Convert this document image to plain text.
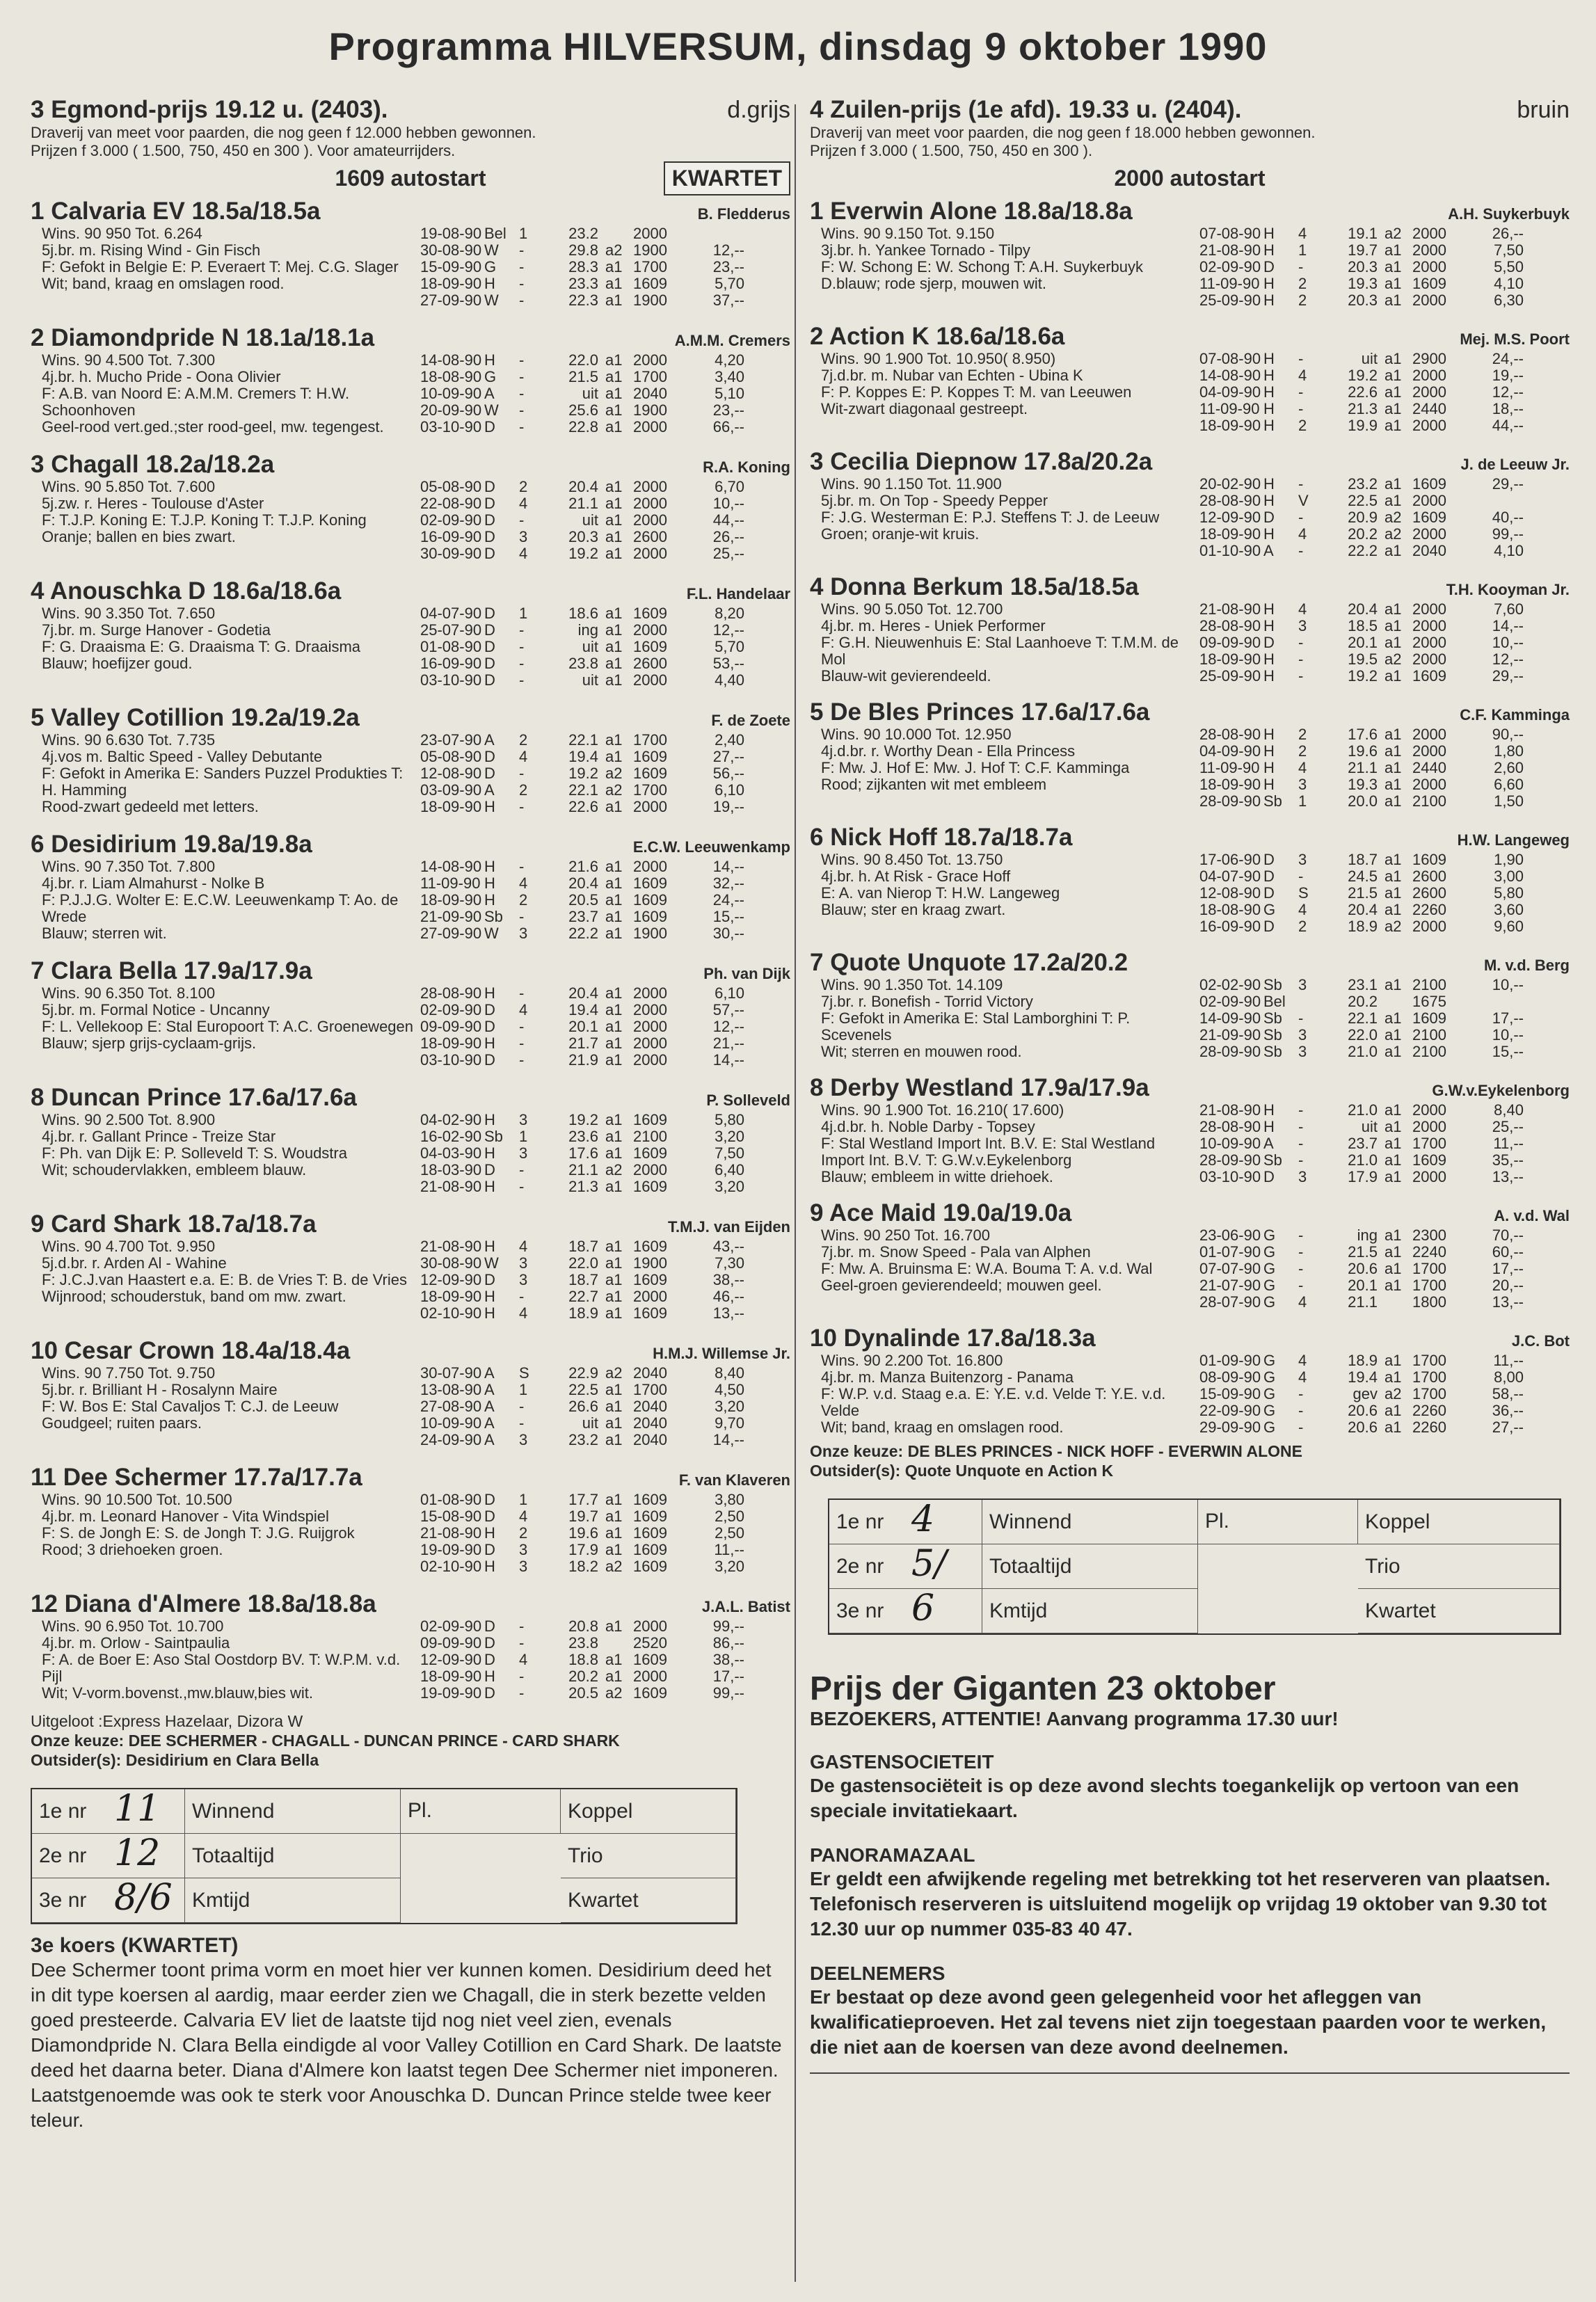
Programma HILVERSUM, dinsdag 9 oktober 1990
3 Egmond-prijs 19.12 u. (2403).	d.grijs
Draverij van meet voor paarden, die nog geen f 12.000 hebben gewonnen.
Prijzen f 3.000 ( 1.500, 750, 450 en 300 ). Voor amateurrijders.
1609 autostart	KWARTET
1 Calvaria EV 18.5a/18.5a	B. Fledderus
Wins. 90 950 Tot. 6.264
5j.br. m. Rising Wind - Gin Fisch
F: Gefokt in Belgie E: P. Everaert T: Mej. C.G. Slager
Wit; band, kraag en omslagen rood.
19-08-90 Bel 1	23.2	2000
30-08-90 W	-	29.8 a2 1900	12,--
15-09-90 G	-	28.3 a1 1700	23,--
18-09-90 H	-	23.3 a1 1609	5,70
27-09-90 W	-	22.3 a1 1900	37,--
2 Diamondpride N 18.1a/18.1a	A.M.M. Cremers
Wins. 90 4.500 Tot. 7.300
4j.br. h. Mucho Pride - Oona Olivier
F: A.B. van Noord E: A.M.M. Cremers T: H.W. Schoonhoven
Geel-rood vert.ged.;ster rood-geel, mw. tegengest.
14-08-90 H	-	22.0 a1 2000	4,20
18-08-90 G	-	21.5 a1 1700	3,40
10-09-90 A	-	uit a1 2040	5,10
20-09-90 W	-	25.6 a1 1900	23,--
03-10-90 D	-	22.8 a1 2000	66,--
3 Chagall 18.2a/18.2a	R.A. Koning
Wins. 90 5.850 Tot. 7.600
5j.zw. r. Heres - Toulouse d'Aster
F: T.J.P. Koning E: T.J.P. Koning T: T.J.P. Koning
Oranje; ballen en bies zwart.
05-08-90 D	2	20.4 a1 2000	6,70
22-08-90 D	4	21.1 a1 2000	10,--
02-09-90 D	-	uit a1 2000	44,--
16-09-90 D	3	20.3 a1 2600	26,--
30-09-90 D	4	19.2 a1 2000	25,--
4 Anouschka D 18.6a/18.6a	F.L. Handelaar
Wins. 90 3.350 Tot. 7.650
7j.br. m. Surge Hanover - Godetia
F: G. Draaisma E: G. Draaisma T: G. Draaisma
Blauw; hoefijzer goud.
04-07-90 D	1	18.6 a1 1609	8,20
25-07-90 D	-	ing a1 2000	12,--
01-08-90 D	-	uit a1 1609	5,70
16-09-90 D	-	23.8 a1 2600	53,--
03-10-90 D	-	uit a1 2000	4,40
5 Valley Cotillion 19.2a/19.2a	F. de Zoete
Wins. 90 6.630 Tot. 7.735
4j.vos m. Baltic Speed - Valley Debutante
F: Gefokt in Amerika E: Sanders Puzzel Produkties T: H. Hamming
Rood-zwart gedeeld met letters.
23-07-90 A	2	22.1 a1 1700	2,40
05-08-90 D	4	19.4 a1 1609	27,--
12-08-90 D	-	19.2 a2 1609	56,--
03-09-90 A	2	22.1 a2 1700	6,10
18-09-90 H	-	22.6 a1 2000	19,--
6 Desidirium 19.8a/19.8a	E.C.W. Leeuwenkamp
Wins. 90 7.350 Tot. 7.800
4j.br. r. Liam Almahurst - Nolke B
F: P.J.J.G. Wolter E: E.C.W. Leeuwenkamp T: Ao. de Wrede
Blauw; sterren wit.
14-08-90 H	-	21.6 a1 2000	14,--
11-09-90 H	4	20.4 a1 1609	32,--
18-09-90 H	2	20.5 a1 1609	24,--
21-09-90 Sb	-	23.7 a1 1609	15,--
27-09-90 W	3	22.2 a1 1900	30,--
7 Clara Bella 17.9a/17.9a	Ph. van Dijk
Wins. 90 6.350 Tot. 8.100
5j.br. m. Formal Notice - Uncanny
F: L. Vellekoop E: Stal Europoort T: A.C. Groenewegen
Blauw; sjerp grijs-cyclaam-grijs.
28-08-90 H	-	20.4 a1 2000	6,10
02-09-90 D	4	19.4 a1 2000	57,--
09-09-90 D	-	20.1 a1 2000	12,--
18-09-90 H	-	21.7 a1 2000	21,--
03-10-90 D	-	21.9 a1 2000	14,--
8 Duncan Prince 17.6a/17.6a	P. Solleveld
Wins. 90 2.500 Tot. 8.900
4j.br. r. Gallant Prince - Treize Star
F: Ph. van Dijk E: P. Solleveld T: S. Woudstra
Wit; schoudervlakken, embleem blauw.
04-02-90 H	3	19.2 a1 1609	5,80
16-02-90 Sb	1	23.6 a1 2100	3,20
04-03-90 H	3	17.6 a1 1609	7,50
18-03-90 D	-	21.1 a2 2000	6,40
21-08-90 H	-	21.3 a1 1609	3,20
9 Card Shark 18.7a/18.7a	T.M.J. van Eijden
Wins. 90 4.700 Tot. 9.950
5j.d.br. r. Arden Al - Wahine
F: J.C.J.van Haastert e.a. E: B. de Vries T: B. de Vries
Wijnrood; schouderstuk, band om mw. zwart.
21-08-90 H	4	18.7 a1 1609	43,--
30-08-90 W	3	22.0 a1 1900	7,30
12-09-90 D	3	18.7 a1 1609	38,--
18-09-90 H	-	22.7 a1 2000	46,--
02-10-90 H	4	18.9 a1 1609	13,--
10 Cesar Crown 18.4a/18.4a	H.M.J. Willemse Jr.
Wins. 90 7.750 Tot. 9.750
5j.br. r. Brilliant H - Rosalynn Maire
F: W. Bos E: Stal Cavaljos T: C.J. de Leeuw
Goudgeel; ruiten paars.
30-07-90 A	S	22.9 a2 2040	8,40
13-08-90 A	1	22.5 a1 1700	4,50
27-08-90 A	-	26.6 a1 2040	3,20
10-09-90 A	-	uit a1 2040	9,70
24-09-90 A	3	23.2 a1 2040	14,--
11 Dee Schermer 17.7a/17.7a	F. van Klaveren
Wins. 90 10.500 Tot. 10.500
4j.br. m. Leonard Hanover - Vita Windspiel
F: S. de Jongh E: S. de Jongh T: J.G. Ruijgrok
Rood; 3 driehoeken groen.
01-08-90 D	1	17.7 a1 1609	3,80
15-08-90 D	4	19.7 a1 1609	2,50
21-08-90 H	2	19.6 a1 1609	2,50
19-09-90 D	3	17.9 a1 1609	11,--
02-10-90 H	3	18.2 a2 1609	3,20
12 Diana d'Almere 18.8a/18.8a	J.A.L. Batist
Wins. 90 6.950 Tot. 10.700
4j.br. m. Orlow - Saintpaulia
F: A. de Boer E: Aso Stal Oostdorp BV. T: W.P.M. v.d. Pijl
Wit; V-vorm.bovenst.,mw.blauw,bies wit.
02-09-90 D	-	20.8 a1 2000	99,--
09-09-90 D	-	23.8	2520	86,--
12-09-90 D	4	18.8 a1 1609	38,--
18-09-90 H	-	20.2 a1 2000	17,--
19-09-90 D	-	20.5 a2 1609	99,--
Uitgeloot :Express Hazelaar, Dizora W
Onze keuze: DEE SCHERMER - CHAGALL - DUNCAN PRINCE - CARD SHARK
Outsider(s): Desidirium en Clara Bella
1e nr 11	Winnend	Pl.	Koppel
2e nr 12	Totaaltijd	Trio
3e nr 8/6 Kmtijd	Kwartet
3e koers (KWARTET)
Dee Schermer toont prima vorm en moet hier ver kunnen komen. Desidirium deed het in dit type koersen al aardig, maar eerder zien we Chagall, die in sterk bezette velden goed presteerde. Calvaria EV liet de laatste tijd nog niet veel zien, evenals Diamondpride N. Clara Bella eindigde al voor Valley Cotillion en Card Shark. De laatste deed het daarna beter. Diana d'Almere kon laatst tegen Dee Schermer niet imponeren. Laatstgenoemde was ook te sterk voor Anouschka D. Duncan Prince stelde twee keer teleur.
4 Zuilen-prijs (1e afd). 19.33 u. (2404).	bruin
Draverij van meet voor paarden, die nog geen f 18.000 hebben gewonnen.
Prijzen f 3.000 ( 1.500, 750, 450 en 300 ).
2000 autostart
1 Everwin Alone 18.8a/18.8a	A.H. Suykerbuyk
Wins. 90 9.150 Tot. 9.150
3j.br. h. Yankee Tornado - Tilpy
F: W. Schong E: W. Schong T: A.H. Suykerbuyk
D.blauw; rode sjerp, mouwen wit.
07-08-90 H	4	19.1 a2 2000	26,--
21-08-90 H	1	19.7 a1 2000	7,50
02-09-90 D	-	20.3 a1 2000	5,50
11-09-90 H	2	19.3 a1 1609	4,10
25-09-90 H	2	20.3 a1 2000	6,30
2 Action K 18.6a/18.6a	Mej. M.S. Poort
Wins. 90 1.900 Tot. 10.950( 8.950)
7j.d.br. m. Nubar van Echten - Ubina K
F: P. Koppes E: P. Koppes T: M. van Leeuwen
Wit-zwart diagonaal gestreept.
07-08-90 H	-	uit a1 2900	24,--
14-08-90 H	4	19.2 a1 2000	19,--
04-09-90 H	-	22.6 a1 2000	12,--
11-09-90 H	-	21.3 a1 2440	18,--
18-09-90 H	2	19.9 a1 2000	44,--
3 Cecilia Diepnow 17.8a/20.2a	J. de Leeuw Jr.
Wins. 90 1.150 Tot. 11.900
5j.br. m. On Top - Speedy Pepper
F: J.G. Westerman E: P.J. Steffens T: J. de Leeuw
Groen; oranje-wit kruis.
20-02-90 H	-	23.2 a1 1609	29,--
28-08-90 H	V	22.5 a1 2000
12-09-90 D	-	20.9 a2 1609	40,--
18-09-90 H	4	20.2 a2 2000	99,--
01-10-90 A	-	22.2 a1 2040	4,10
4 Donna Berkum 18.5a/18.5a	T.H. Kooyman Jr.
Wins. 90 5.050 Tot. 12.700
4j.br. m. Heres - Uniek Performer
F: G.H. Nieuwenhuis E: Stal Laanhoeve T: T.M.M. de Mol
Blauw-wit gevierendeeld.
21-08-90 H	4	20.4 a1 2000	7,60
28-08-90 H	3	18.5 a1 2000	14,--
09-09-90 D	-	20.1 a1 2000	10,--
18-09-90 H	-	19.5 a2 2000	12,--
25-09-90 H	-	19.2 a1 1609	29,--
5 De Bles Princes 17.6a/17.6a	C.F. Kamminga
Wins. 90 10.000 Tot. 12.950
4j.d.br. r. Worthy Dean - Ella Princess
F: Mw. J. Hof E: Mw. J. Hof T: C.F. Kamminga
Rood; zijkanten wit met embleem
28-08-90 H	2	17.6 a1 2000	90,--
04-09-90 H	2	19.6 a1 2000	1,80
11-09-90 H	4	21.1 a1 2440	2,60
18-09-90 H	3	19.3 a1 2000	6,60
28-09-90 Sb	1	20.0 a1 2100	1,50
6 Nick Hoff 18.7a/18.7a	H.W. Langeweg
Wins. 90 8.450 Tot. 13.750
4j.br. h. At Risk - Grace Hoff
E: A. van Nierop T: H.W. Langeweg
Blauw; ster en kraag zwart.
17-06-90 D	3	18.7 a1 1609	1,90
04-07-90 D	-	24.5 a1 2600	3,00
12-08-90 D	S	21.5 a1 2600	5,80
18-08-90 G	4	20.4 a1 2260	3,60
16-09-90 D	2	18.9 a2 2000	9,60
7 Quote Unquote 17.2a/20.2	M. v.d. Berg
Wins. 90 1.350 Tot. 14.109
7j.br. r. Bonefish - Torrid Victory
F: Gefokt in Amerika E: Stal Lamborghini T: P. Scevenels
Wit; sterren en mouwen rood.
02-02-90 Sb	3	23.1 a1 2100	10,--
02-09-90 Bel	20.2	1675
14-09-90 Sb	-	22.1 a1 1609	17,--
21-09-90 Sb	3	22.0 a1 2100	10,--
28-09-90 Sb	3	21.0 a1 2100	15,--
8 Derby Westland 17.9a/17.9a	G.W.v.Eykelenborg
Wins. 90 1.900 Tot. 16.210( 17.600)
4j.d.br. h. Noble Darby - Topsey
F: Stal Westland Import Int. B.V. E: Stal Westland Import Int. B.V. T: G.W.v.Eykelenborg
Blauw; embleem in witte driehoek.
21-08-90 H	-	21.0 a1 2000	8,40
28-08-90 H	-	uit a1 2000	25,--
10-09-90 A	-	23.7 a1 1700	11,--
28-09-90 Sb	-	21.0 a1 1609	35,--
03-10-90 D	3	17.9 a1 2000	13,--
9 Ace Maid 19.0a/19.0a	A. v.d. Wal
Wins. 90 250 Tot. 16.700
7j.br. m. Snow Speed - Pala van Alphen
F: Mw. A. Bruinsma E: W.A. Bouma T: A. v.d. Wal
Geel-groen gevierendeeld; mouwen geel.
23-06-90 G	-	ing a1 2300	70,--
01-07-90 G	-	21.5 a1 2240	60,--
07-07-90 G	-	20.6 a1 1700	17,--
21-07-90 G	-	20.1 a1 1700	20,--
28-07-90 G	4	21.1	1800	13,--
10 Dynalinde 17.8a/18.3a	J.C. Bot
Wins. 90 2.200 Tot. 16.800
4j.br. m. Manza Buitenzorg - Panama
F: W.P. v.d. Staag e.a. E: Y.E. v.d. Velde T: Y.E. v.d. Velde
Wit; band, kraag en omslagen rood.
01-09-90 G	4	18.9 a1 1700	11,--
08-09-90 G	4	19.4 a1 1700	8,00
15-09-90 G	-	gev a2 1700	58,--
22-09-90 G	-	20.6 a1 2260	36,--
29-09-90 G	-	20.6 a1 2260	27,--
Onze keuze: DE BLES PRINCES - NICK HOFF - EVERWIN ALONE
Outsider(s): Quote Unquote en Action K
1e nr 4	Winnend	Pl.	Koppel
2e nr 5/	Totaaltijd	Trio
3e nr 6	Kmtijd	Kwartet
Prijs der Giganten 23 oktober
BEZOEKERS, ATTENTIE! Aanvang programma 17.30 uur!
GASTENSOCIETEIT
De gastensociëteit is op deze avond slechts toegankelijk op vertoon van een speciale invitatiekaart.
PANORAMAZAAL
Er geldt een afwijkende regeling met betrekking tot het reserveren van plaatsen. Telefonisch reserveren is uitsluitend mogelijk op vrijdag 19 oktober van 9.30 tot 12.30 uur op nummer 035-83 40 47.
DEELNEMERS
Er bestaat op deze avond geen gelegenheid voor het afleggen van kwalificatieproeven. Het zal tevens niet zijn toegestaan paarden voor te werken, die niet aan de koersen van deze avond deelnemen.
